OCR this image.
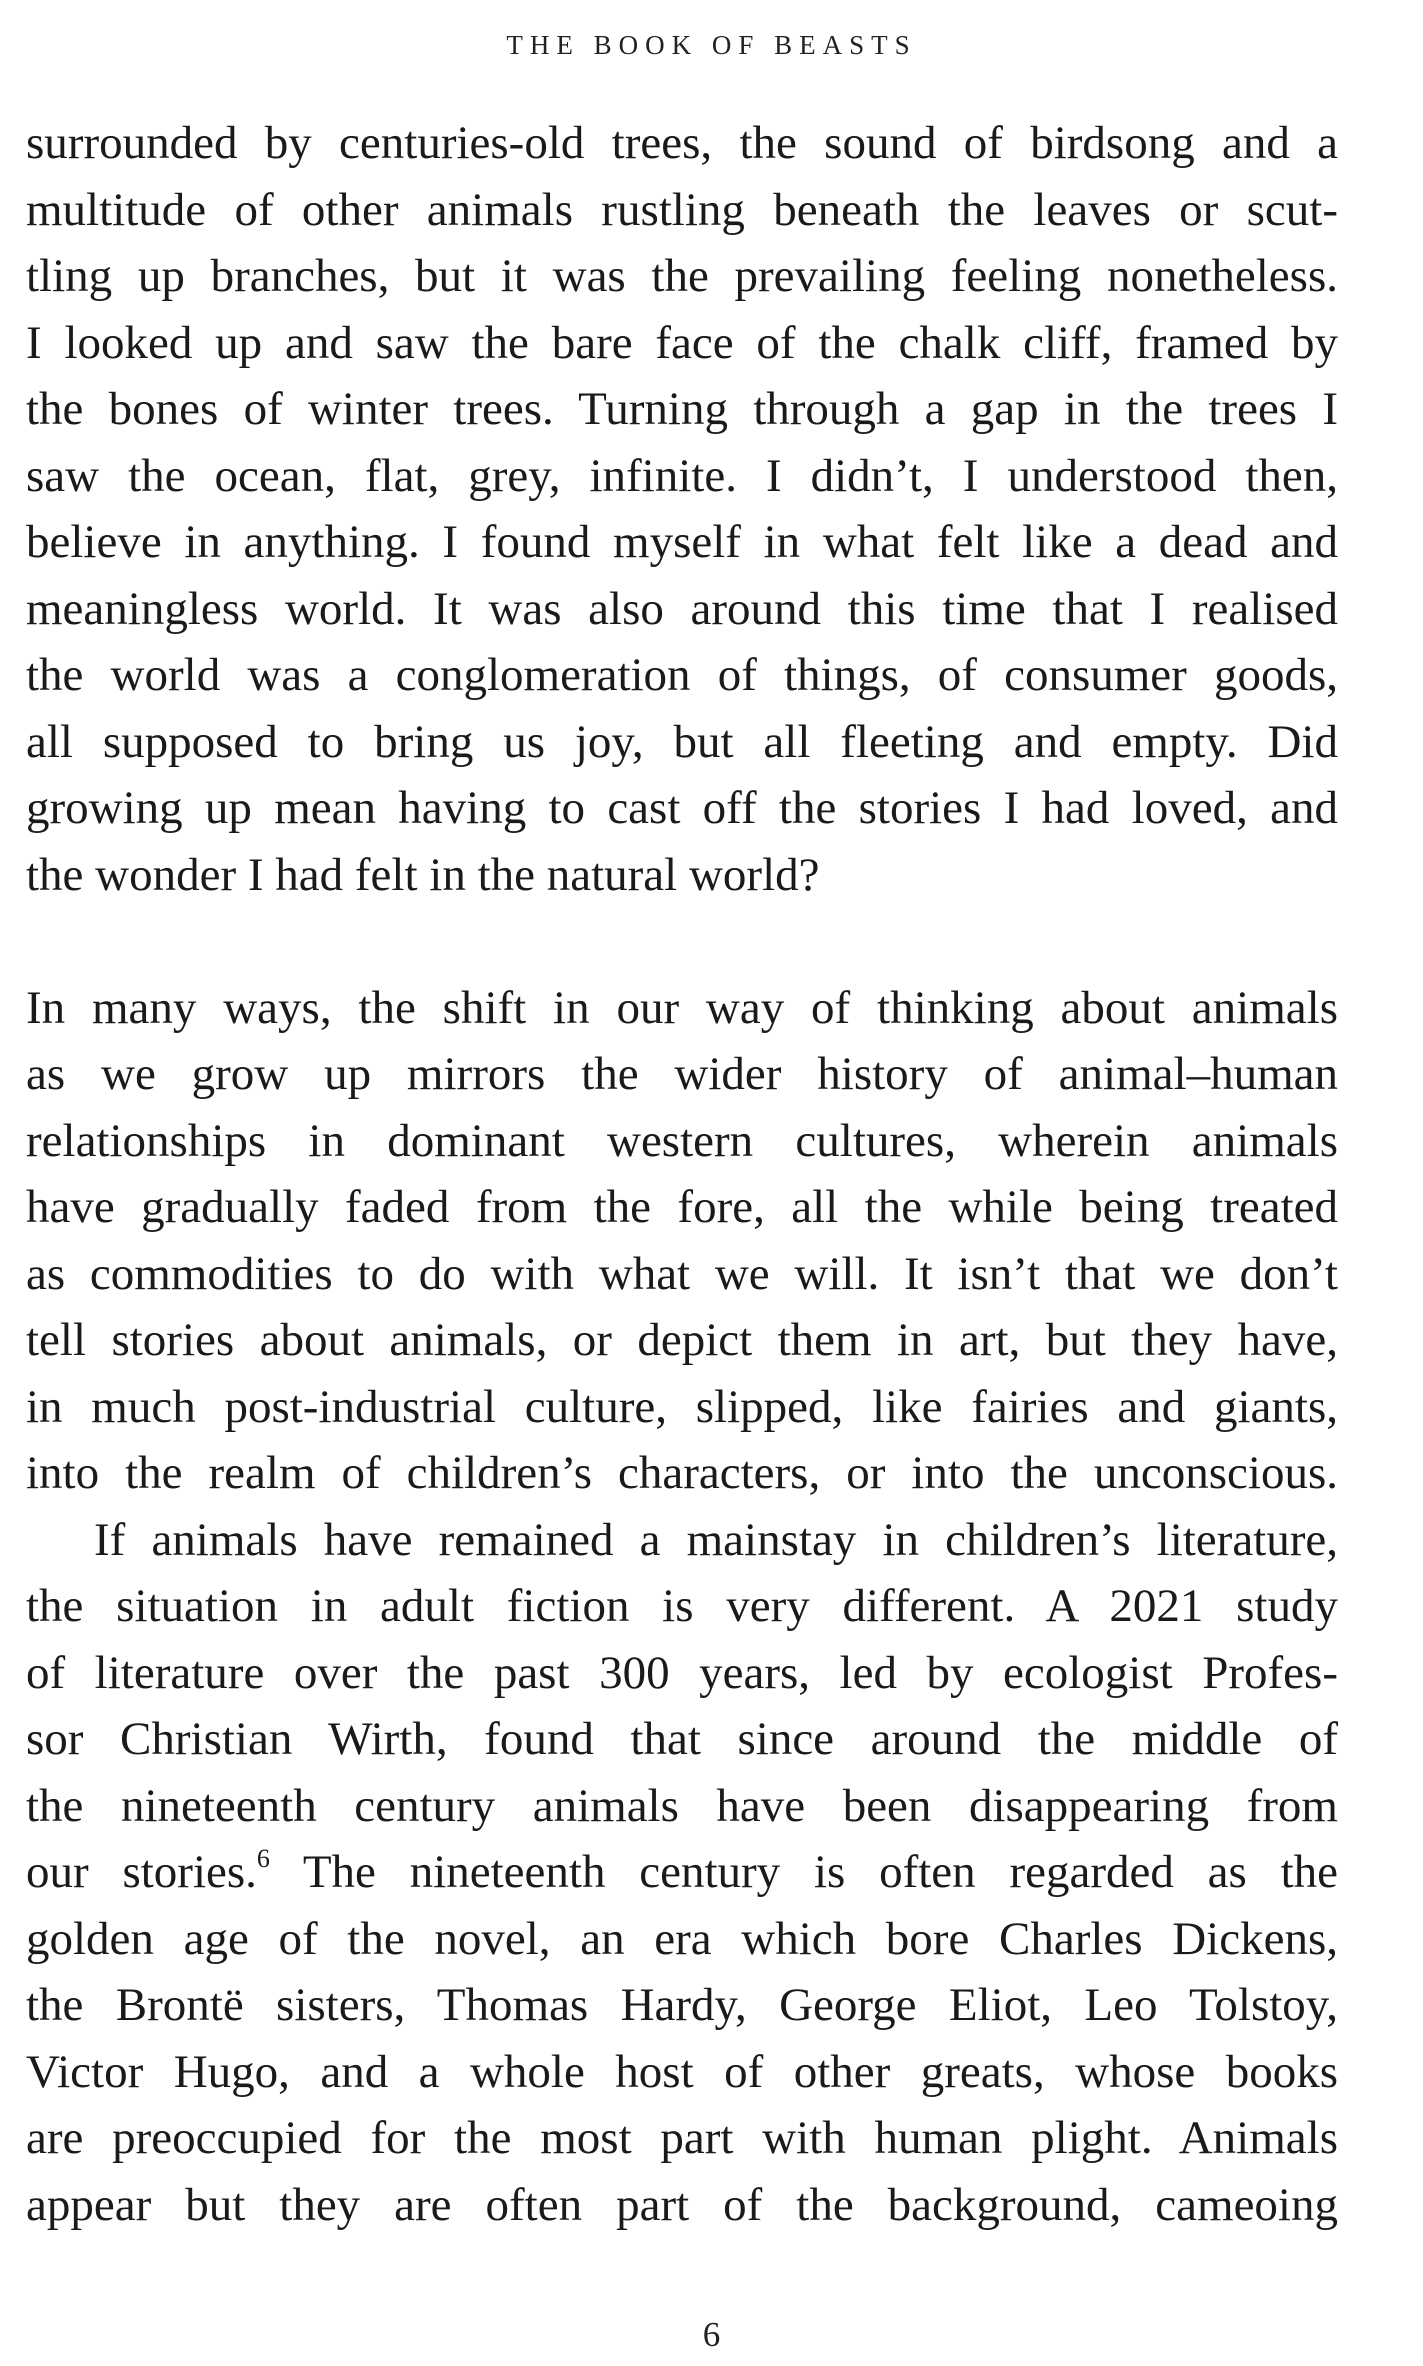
THE BOOK OF BEASTS
surrounded by centuries-old trees, the sound of birdsong and a
multitude of other animals rustling beneath the leaves or scut-
tling up branches, but it was the prevailing feeling nonetheless.
I looked up and saw the bare face of the chalk cliff, framed by
the bones of winter trees. Turning through a gap in the trees I
saw the ocean, flat, grey, infinite. I didn’t, I understood then,
believe in anything. I found myself in what felt like a dead and
meaningless world. It was also around this time that I realised
the world was a conglomeration of things, of consumer goods,
all supposed to bring us joy, but all fleeting and empty. Did
growing up mean having to cast off the stories I had loved, and
the wonder I had felt in the natural world?
In many ways, the shift in our way of thinking about animals
as we grow up mirrors the wider history of animal–human
relationships in dominant western cultures, wherein animals
have gradually faded from the fore, all the while being treated
as commodities to do with what we will. It isn’t that we don’t
tell stories about animals, or depict them in art, but they have,
in much post-industrial culture, slipped, like fairies and giants,
into the realm of children’s characters, or into the unconscious.
If animals have remained a mainstay in children’s literature,
the situation in adult fiction is very different. A 2021 study
of literature over the past 300 years, led by ecologist Profes-
sor Christian Wirth, found that since around the middle of
the nineteenth century animals have been disappearing from
our stories.$^6$ The nineteenth century is often regarded as the
golden age of the novel, an era which bore Charles Dickens,
the Brontë sisters, Thomas Hardy, George Eliot, Leo Tolstoy,
Victor Hugo, and a whole host of other greats, whose books
are preoccupied for the most part with human plight. Animals
appear but they are often part of the background, cameoing
6
